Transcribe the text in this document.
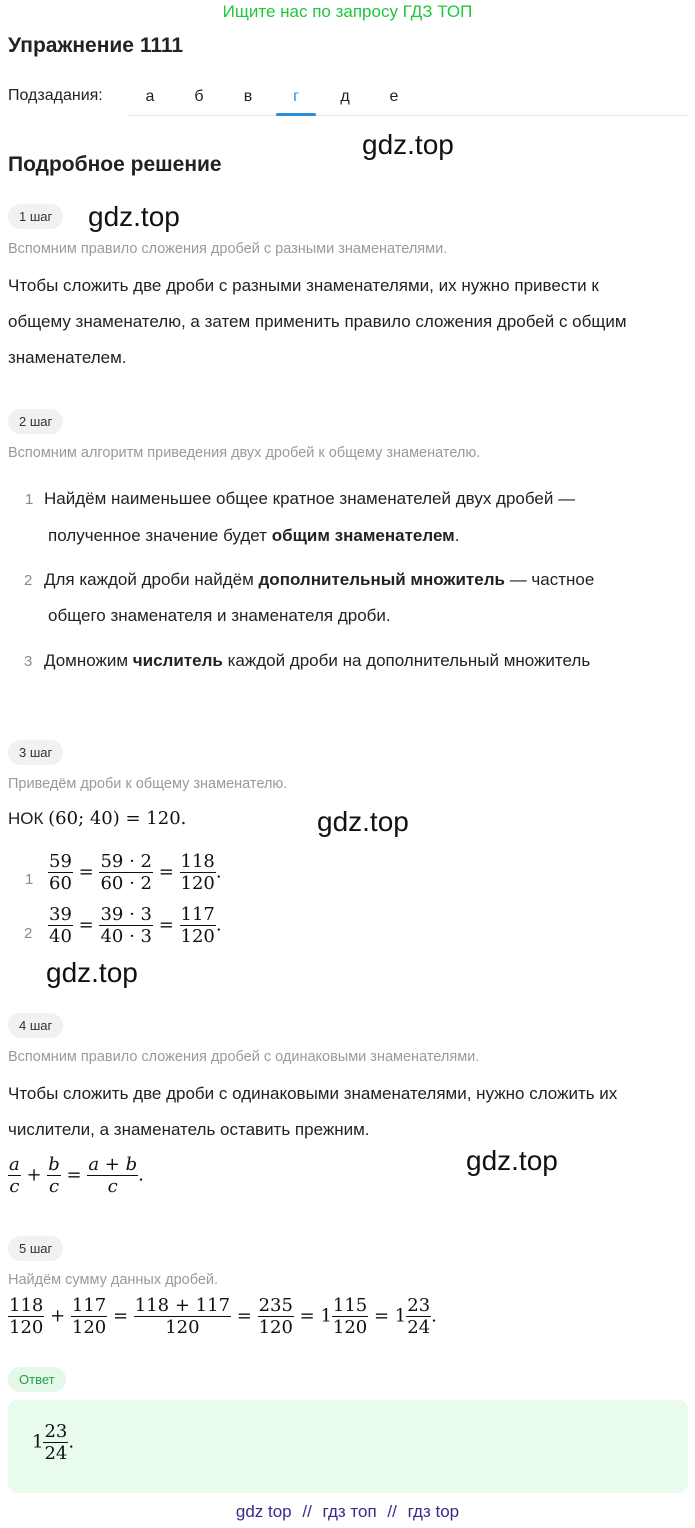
Ищите нас по запросу ГДЗ ТОП
Упражнение 1111
Подзадания:	а	б	в	г	д	е
Подробное решение
gdz.top
gdz.top
gdz.top
gdz.top
gdz.top
1 шаг
Вспомним правило сложения дробей с разными знаменателями.
Чтобы сложить две дроби с разными знаменателями, их нужно привести к
общему знаменателю, а затем применить правило сложения дробей с общим
знаменателем.
2 шаг
Вспомним алгоритм приведения двух дробей к общему знаменателю.
1 Найдём наименьшее общее кратное знаменателей двух дробей —
полученное значение будет общим знаменателем.
2 Для каждой дроби найдём дополнительный множитель — частное
общего знаменателя и знаменателя дроби.
3 Домножим числитель каждой дроби на дополнительный множитель
3 шаг
Приведём дроби к общему знаменателю.
НОК (60; 40) = 120.
$1 \frac{59}{60} = \frac{59 \cdot 2}{60 \cdot 2} = \frac{118}{120}$ .
$2 \frac{39}{40} = \frac{39 \cdot 3}{40 \cdot 3} = \frac{117}{120}$ .
4 шаг
Вспомним правило сложения дробей с одинаковыми знаменателями.
Чтобы сложить две дроби с одинаковыми знаменателями, нужно сложить их
числители, а знаменатель оставить прежним.
$\frac{a}{c} + \frac{b}{c} = \frac{a + b}{c}$ .
5 шаг
Найдём сумму данных дробей.
$\frac{118}{120} + \frac{117}{120} = \frac{118 + 117}{120} = \frac{235}{120} = 1 \frac{115}{120} = 1 \frac{23}{24}$ .
Ответ
$1 \frac{23}{24}$ .
gdz top // гдз топ // гдз top
